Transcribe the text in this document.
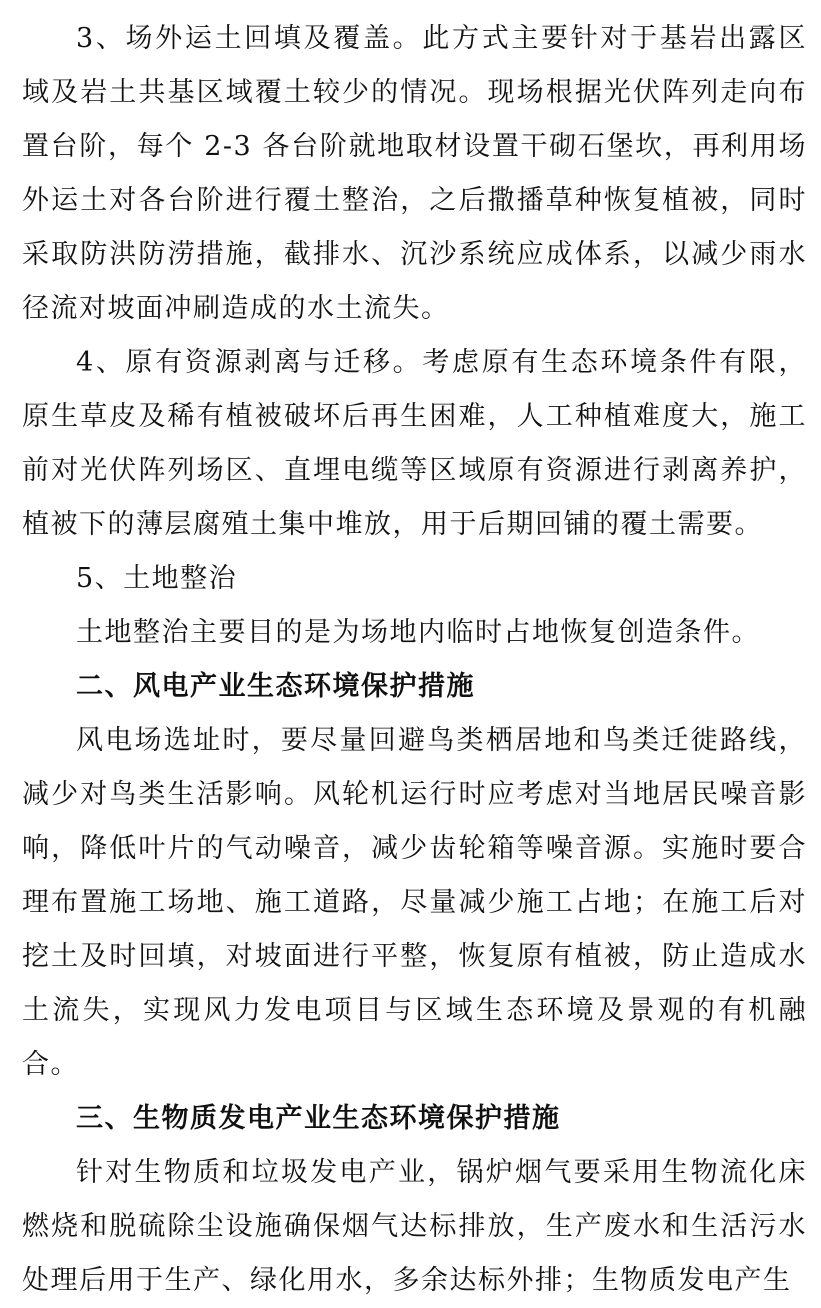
3、场外运土回填及覆盖。此方式主要针对于基岩出露区域及岩土共基区域覆土较少的情况。现场根据光伏阵列走向布置台阶，每个 2-3 各台阶就地取材设置干砌石堡坎，再利用场外运土对各台阶进行覆土整治，之后撒播草种恢复植被，同时采取防洪防涝措施，截排水、沉沙系统应成体系，以减少雨水径流对坡面冲刷造成的水土流失。

4、原有资源剥离与迁移。考虑原有生态环境条件有限，原生草皮及稀有植被破坏后再生困难，人工种植难度大，施工前对光伏阵列场区、直埋电缆等区域原有资源进行剥离养护，植被下的薄层腐殖土集中堆放，用于后期回铺的覆土需要。

5、土地整治

土地整治主要目的是为场地内临时占地恢复创造条件。

二、风电产业生态环境保护措施

风电场选址时，要尽量回避鸟类栖居地和鸟类迁徙路线，减少对鸟类生活影响。风轮机运行时应考虑对当地居民噪音影响，降低叶片的气动噪音，减少齿轮箱等噪音源。实施时要合理布置施工场地、施工道路，尽量减少施工占地；在施工后对挖土及时回填，对坡面进行平整，恢复原有植被，防止造成水土流失，实现风力发电项目与区域生态环境及景观的有机融合。

三、生物质发电产业生态环境保护措施

针对生物质和垃圾发电产业，锅炉烟气要采用生物流化床燃烧和脱硫除尘设施确保烟气达标排放，生产废水和生活污水处理后用于生产、绿化用水，多余达标外排；生物质发电产生
